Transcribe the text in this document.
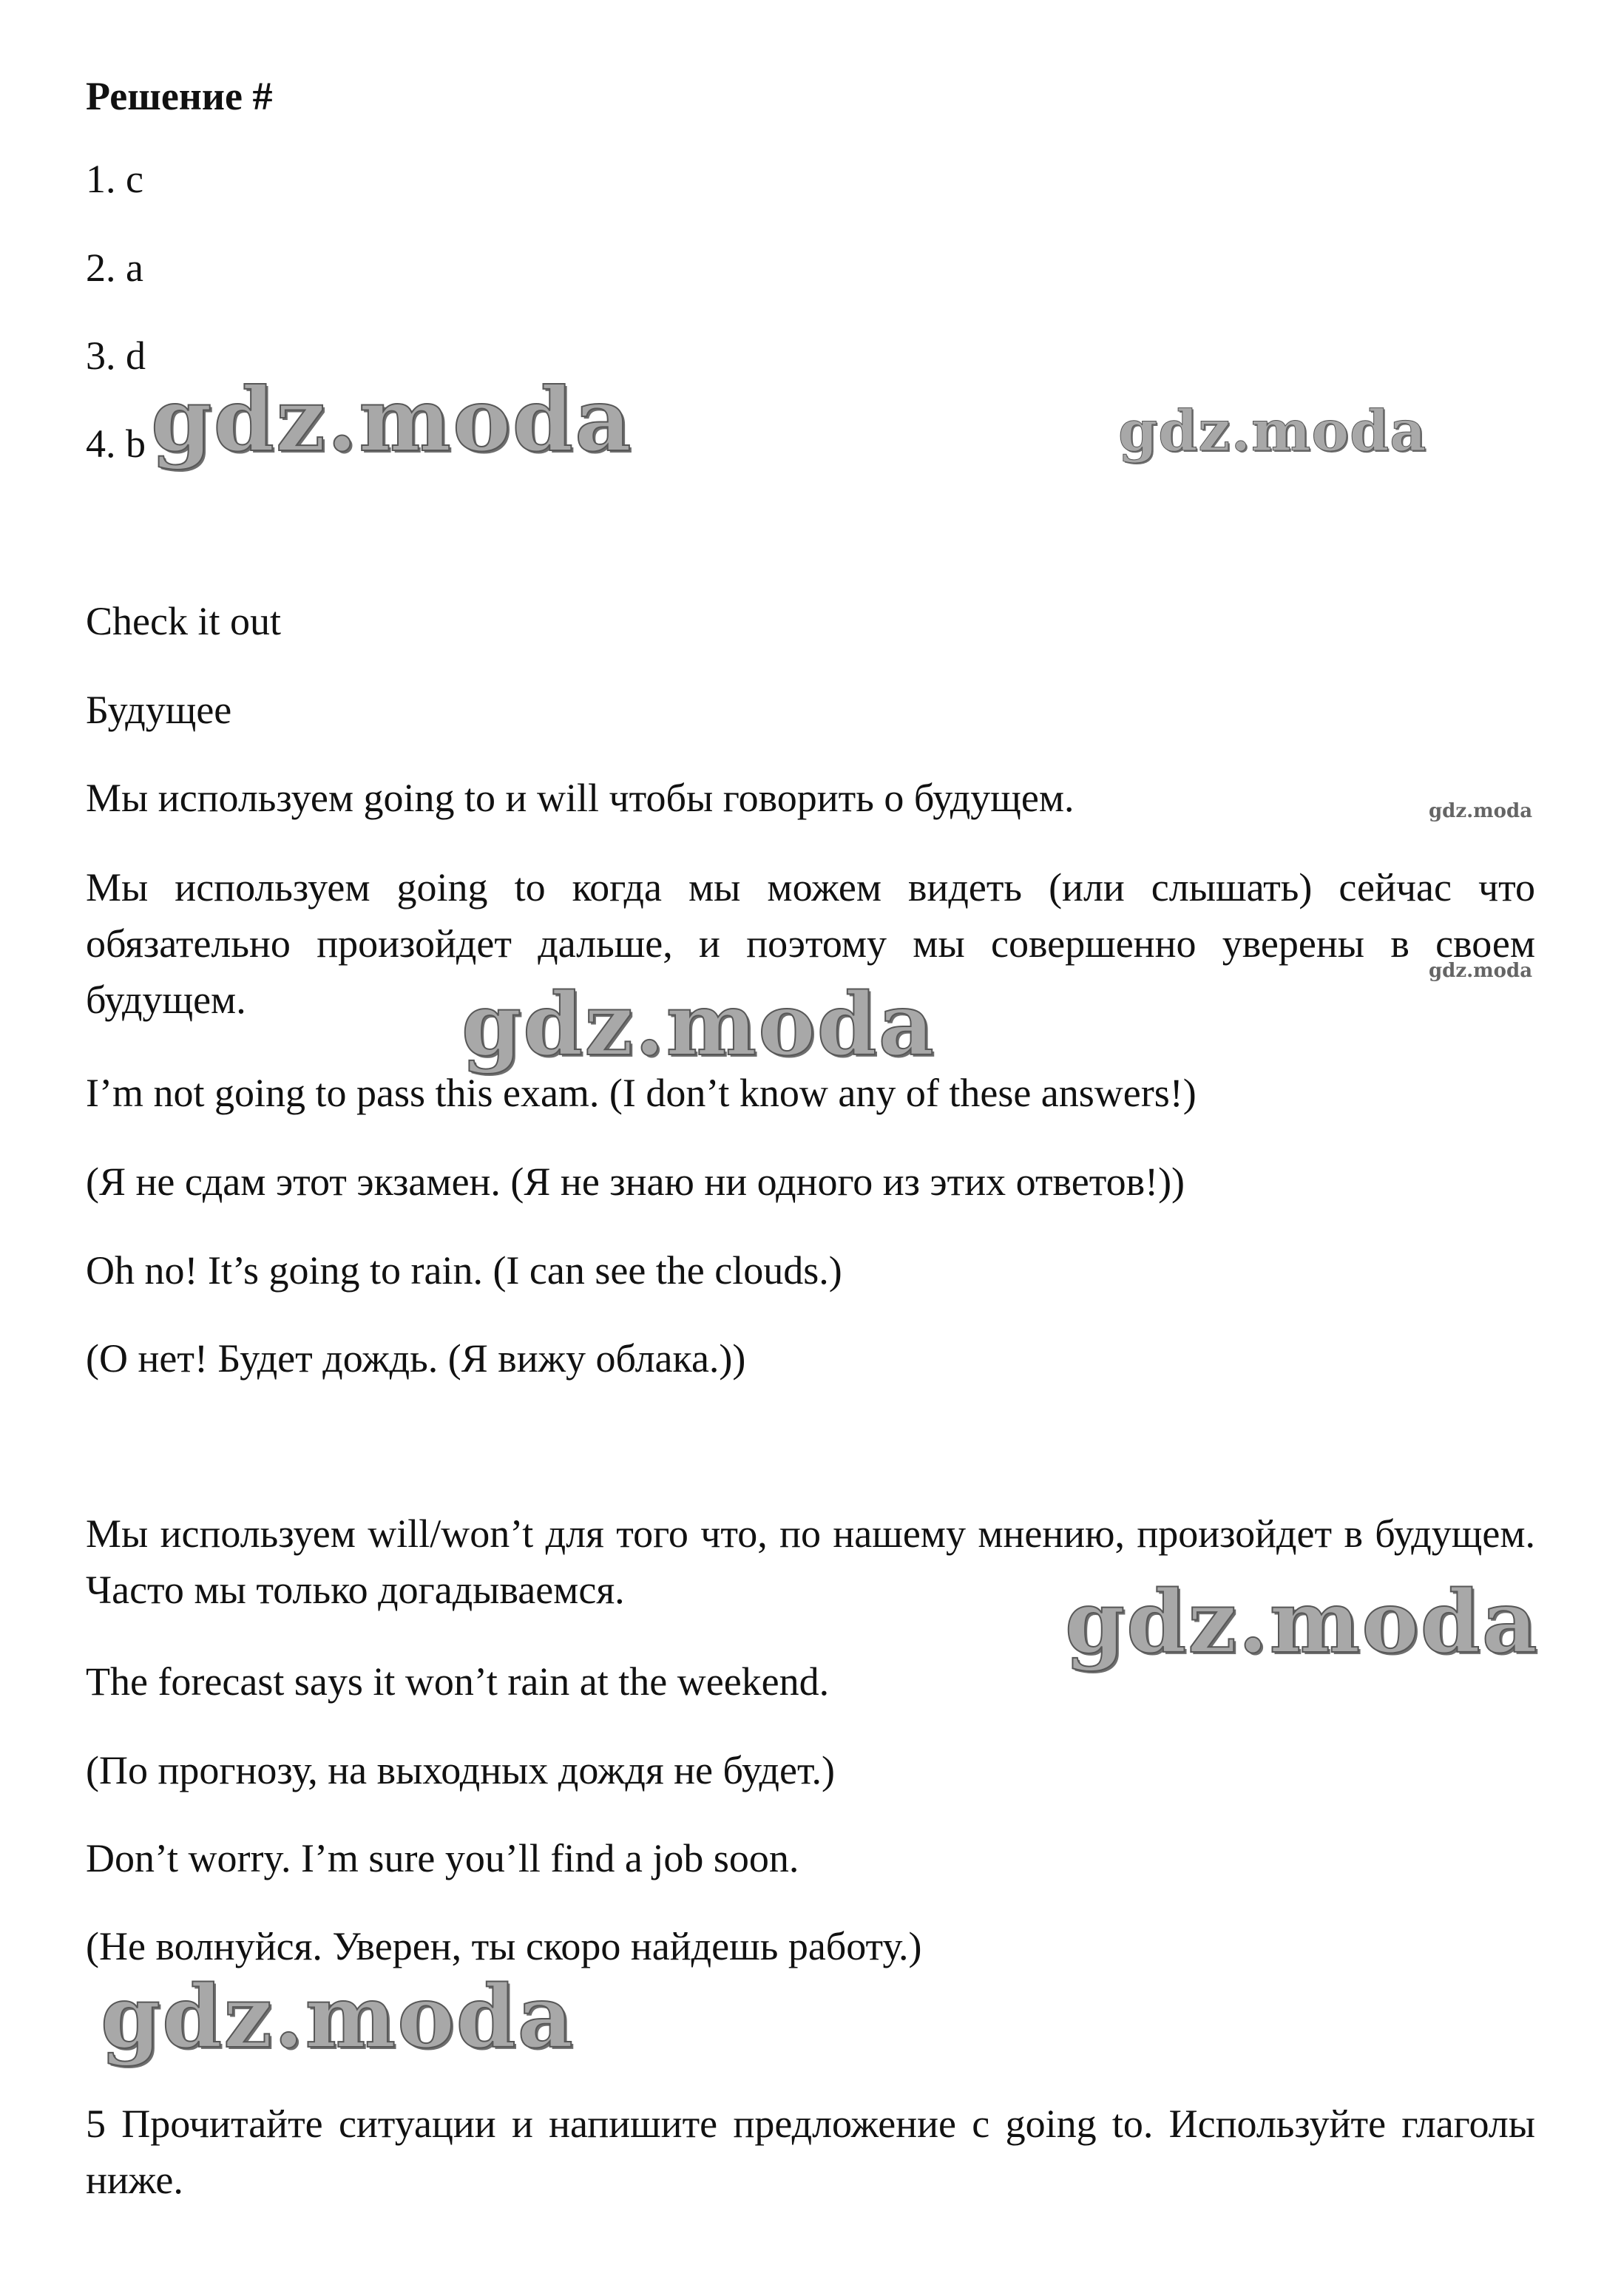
Решение #
1. c
2. a
3. d
4. b
Check it out
Будущее
Мы используем going to и will чтобы говорить о будущем.
Мы используем going to когда мы можем видеть (или слышать) сейчас что обязательно произойдет дальше, и поэтому мы совершенно уверены в своем будущем.
I’m not going to pass this exam. (I don’t know any of these answers!)
(Я не сдам этот экзамен. (Я не знаю ни одного из этих ответов!))
Oh no! It’s going to rain. (I can see the clouds.)
(О нет! Будет дождь. (Я вижу облака.))
Мы используем will/won’t для того что, по нашему мнению, произойдет в будущем. Часто мы только догадываемся.
The forecast says it won’t rain at the weekend.
(По прогнозу, на выходных дождя не будет.)
Don’t worry. I’m sure you’ll find a job soon.
(Не волнуйся. Уверен, ты скоро найдешь работу.)
5 Прочитайте ситуации и напишите предложение с going to. Используйте глаголы ниже.
gdz.moda	gdz.moda
gdz.moda
gdz.moda
gdz.moda
gdz.moda
gdz.moda
